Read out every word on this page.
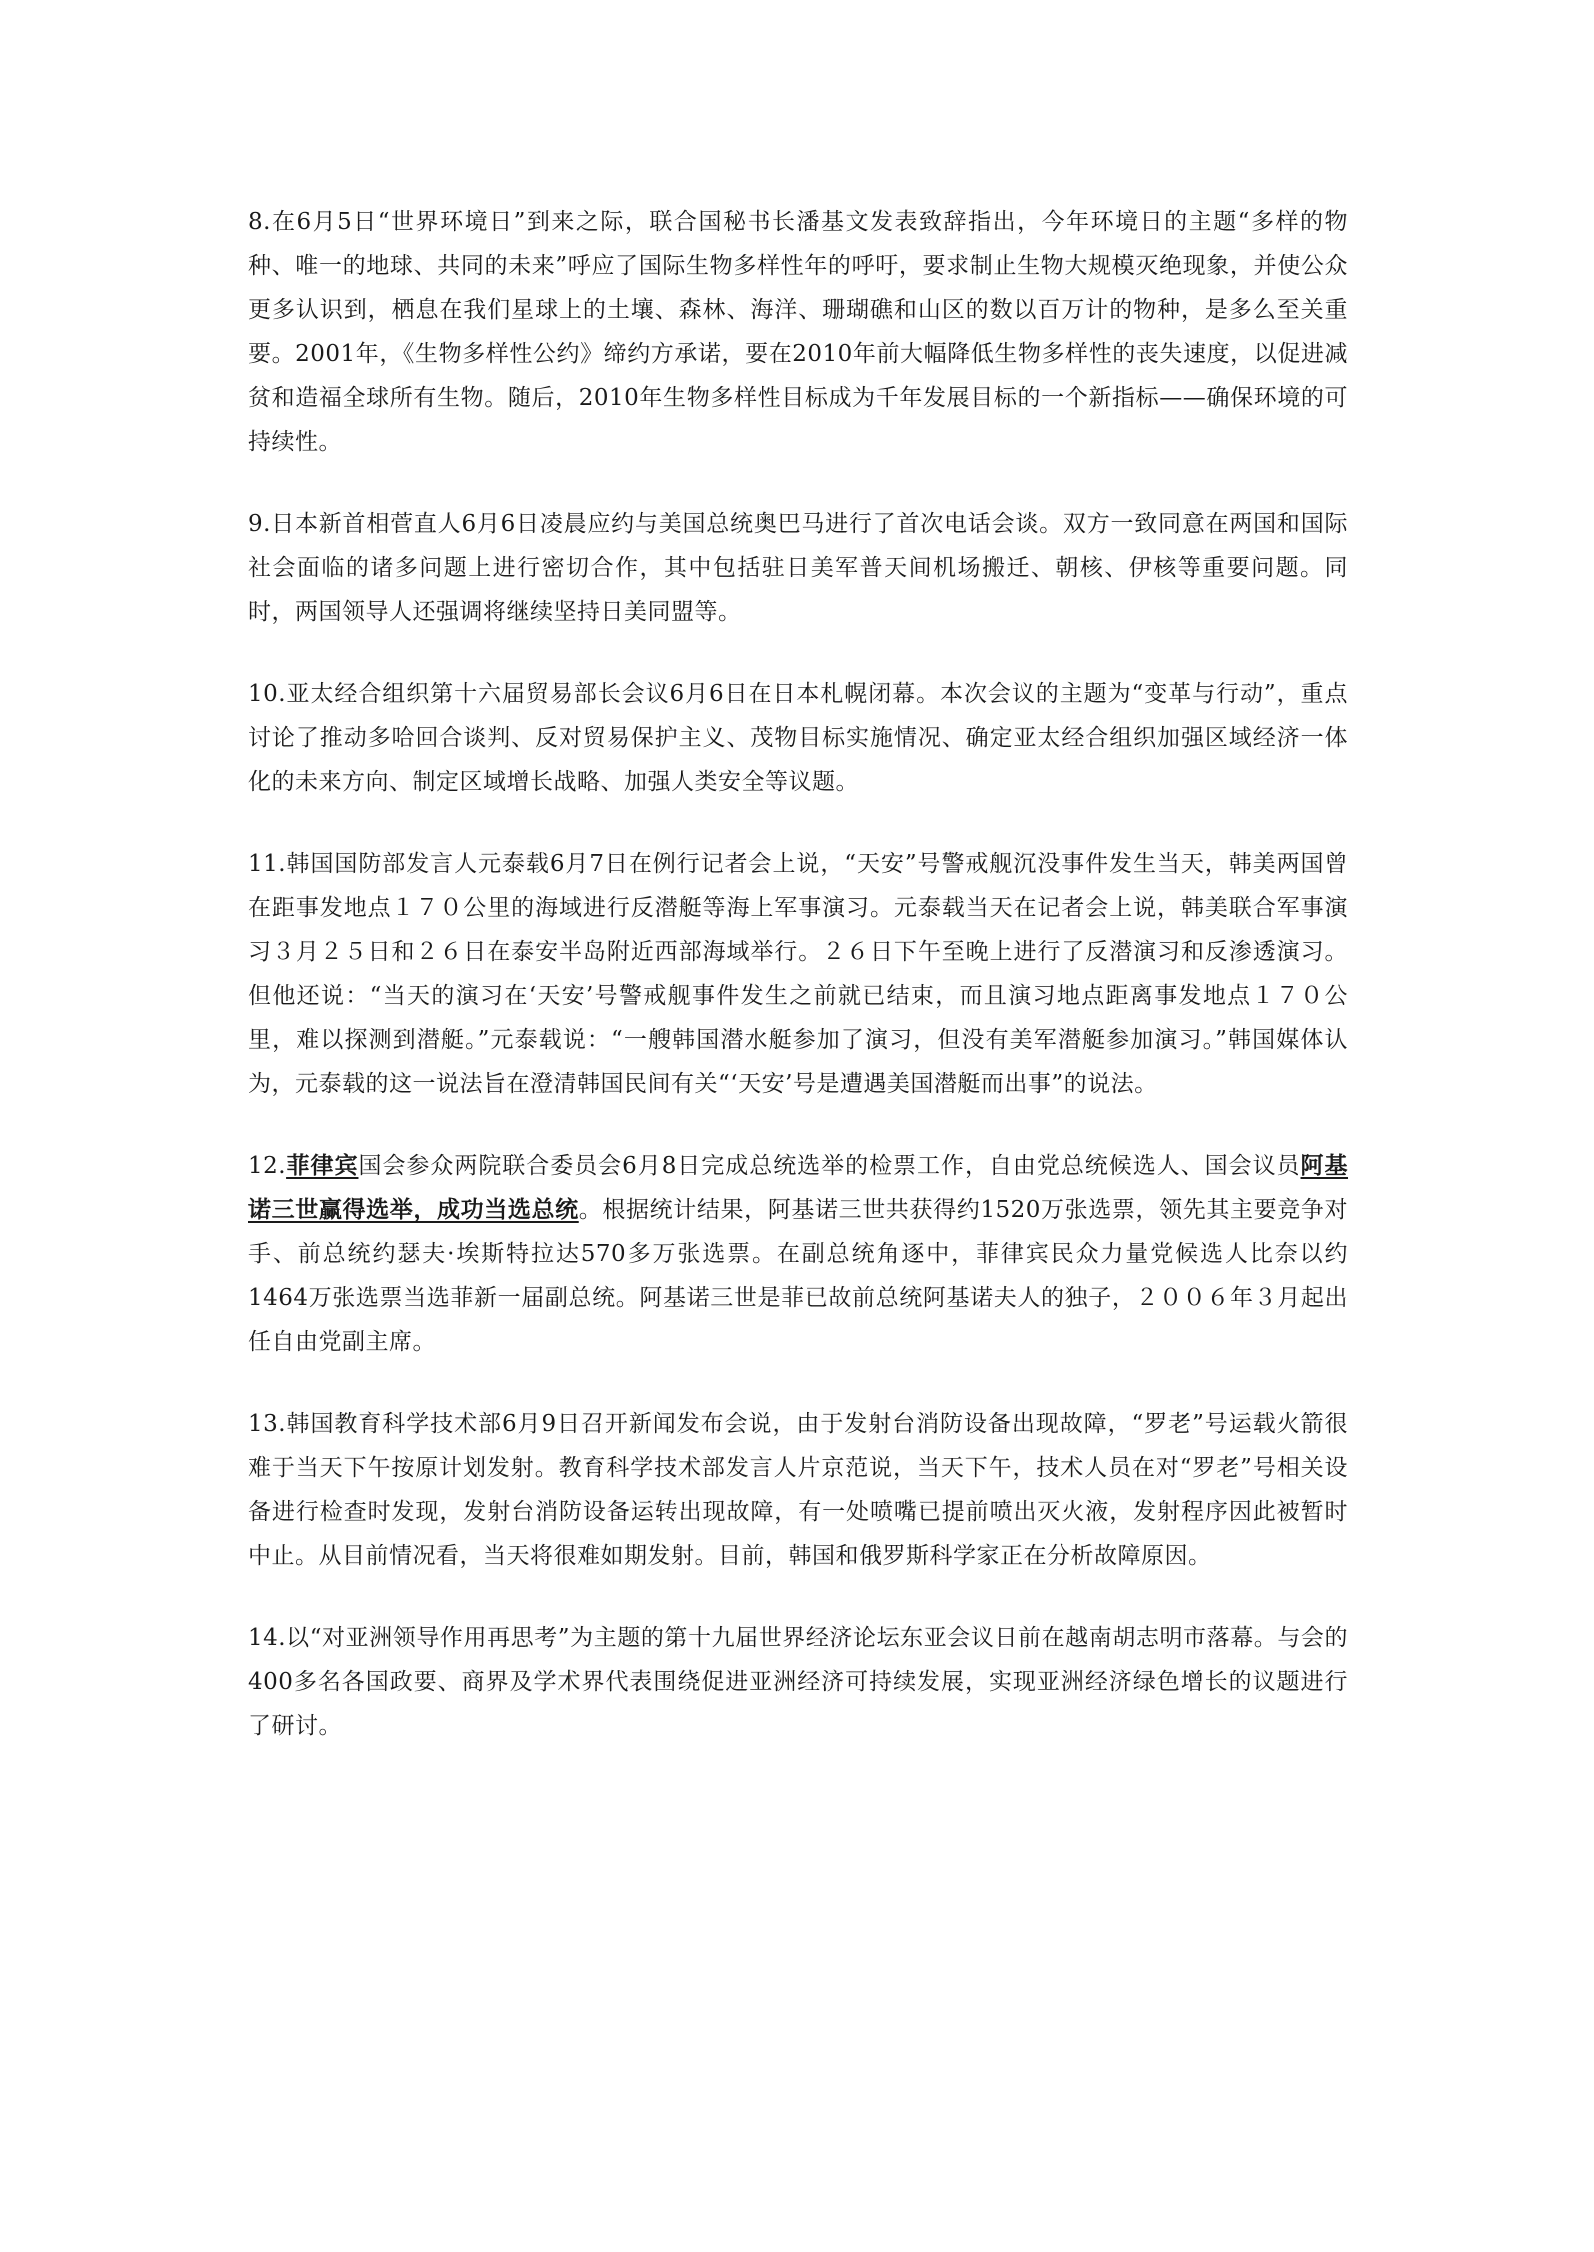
8.在6月5日“世界环境日”到来之际，联合国秘书长潘基文发表致辞指出，今年环境日的主题“多样的物种、唯一的地球、共同的未来”呼应了国际生物多样性年的呼吁，要求制止生物大规模灭绝现象，并使公众更多认识到，栖息在我们星球上的土壤、森林、海洋、珊瑚礁和山区的数以百万计的物种，是多么至关重要。2001年，《生物多样性公约》缔约方承诺，要在2010年前大幅降低生物多样性的丧失速度，以促进减贫和造福全球所有生物。随后，2010年生物多样性目标成为千年发展目标的一个新指标——确保环境的可持续性。

9.日本新首相菅直人6月6日凌晨应约与美国总统奥巴马进行了首次电话会谈。双方一致同意在两国和国际社会面临的诸多问题上进行密切合作，其中包括驻日美军普天间机场搬迁、朝核、伊核等重要问题。同时，两国领导人还强调将继续坚持日美同盟等。

10.亚太经合组织第十六届贸易部长会议6月6日在日本札幌闭幕。本次会议的主题为“变革与行动”，重点讨论了推动多哈回合谈判、反对贸易保护主义、茂物目标实施情况、确定亚太经合组织加强区域经济一体化的未来方向、制定区域增长战略、加强人类安全等议题。

11.韩国国防部发言人元泰载6月7日在例行记者会上说，“天安”号警戒舰沉没事件发生当天，韩美两国曾在距事发地点１７０公里的海域进行反潜艇等海上军事演习。元泰载当天在记者会上说，韩美联合军事演习３月２５日和２６日在泰安半岛附近西部海域举行。２６日下午至晚上进行了反潜演习和反渗透演习。但他还说：“当天的演习在‘天安’号警戒舰事件发生之前就已结束，而且演习地点距离事发地点１７０公里，难以探测到潜艇。”元泰载说：“一艘韩国潜水艇参加了演习，但没有美军潜艇参加演习。”韩国媒体认为，元泰载的这一说法旨在澄清韩国民间有关“‘天安’号是遭遇美国潜艇而出事”的说法。

12.菲律宾国会参众两院联合委员会6月8日完成总统选举的检票工作，自由党总统候选人、国会议员阿基诺三世赢得选举，成功当选总统。根据统计结果，阿基诺三世共获得约1520万张选票，领先其主要竞争对手、前总统约瑟夫·埃斯特拉达570多万张选票。在副总统角逐中，菲律宾民众力量党候选人比奈以约1464万张选票当选菲新一届副总统。阿基诺三世是菲已故前总统阿基诺夫人的独子，２００６年３月起出任自由党副主席。

13.韩国教育科学技术部6月9日召开新闻发布会说，由于发射台消防设备出现故障，“罗老”号运载火箭很难于当天下午按原计划发射。教育科学技术部发言人片京范说，当天下午，技术人员在对“罗老”号相关设备进行检查时发现，发射台消防设备运转出现故障，有一处喷嘴已提前喷出灭火液，发射程序因此被暂时中止。从目前情况看，当天将很难如期发射。目前，韩国和俄罗斯科学家正在分析故障原因。

14.以“对亚洲领导作用再思考”为主题的第十九届世界经济论坛东亚会议日前在越南胡志明市落幕。与会的400多名各国政要、商界及学术界代表围绕促进亚洲经济可持续发展，实现亚洲经济绿色增长的议题进行了研讨。
